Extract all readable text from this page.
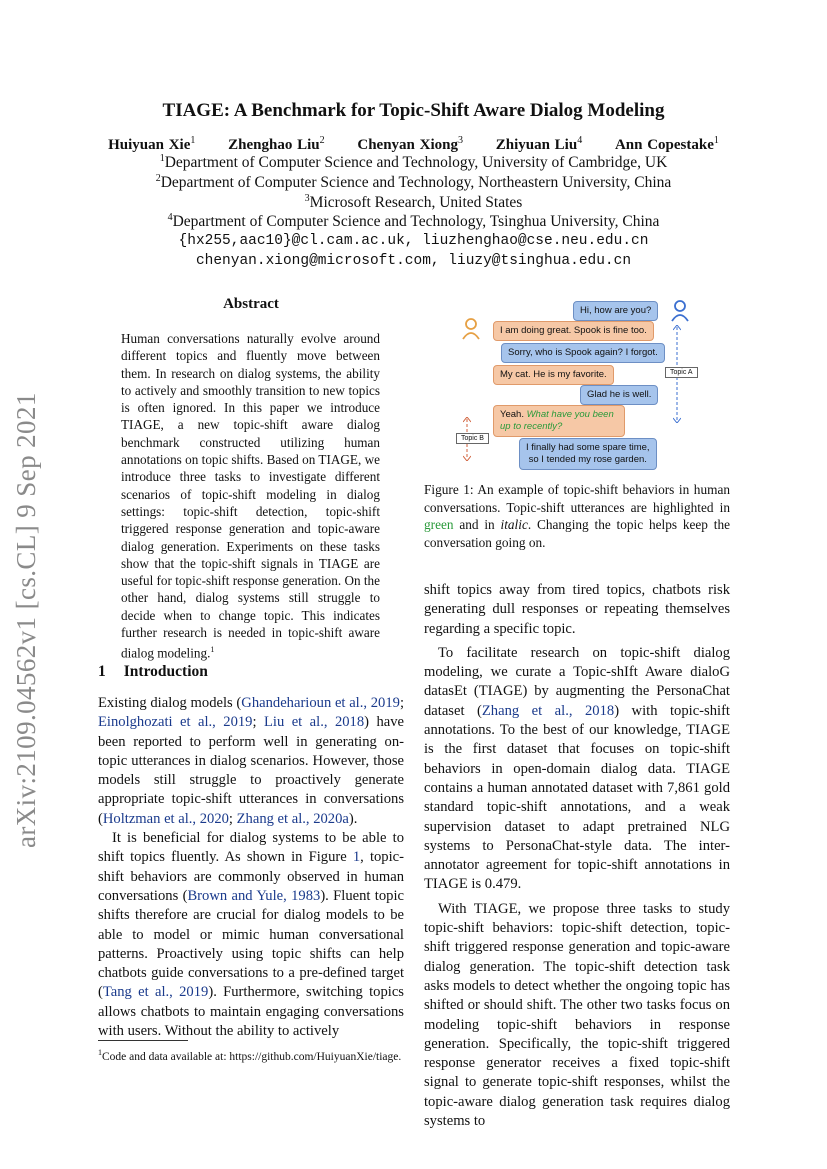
arXiv:2109.04562v1 [cs.CL] 9 Sep 2021
TIAGE: A Benchmark for Topic-Shift Aware Dialog Modeling
Huiyuan Xie$^1$ Zhenghao Liu$^2$ Chenyan Xiong$^3$ Zhiyuan Liu$^4$ Ann Copestake$^1$
$^1$Department of Computer Science and Technology, University of Cambridge, UK
$^2$Department of Computer Science and Technology, Northeastern University, China
$^3$Microsoft Research, United States
$^4$Department of Computer Science and Technology, Tsinghua University, China
{hx255,aac10}@cl.cam.ac.uk, liuzhenghao@cse.neu.edu.cn
chenyan.xiong@microsoft.com, liuzy@tsinghua.edu.cn
Abstract
Human conversations naturally evolve around different topics and fluently move between them. In research on dialog systems, the ability to actively and smoothly transition to new topics is often ignored. In this paper we introduce TIAGE, a new topic-shift aware dialog benchmark constructed utilizing human annotations on topic shifts. Based on TIAGE, we introduce three tasks to investigate different scenarios of topic-shift modeling in dialog settings: topic-shift detection, topic-shift triggered response generation and topic-aware dialog generation. Experiments on these tasks show that the topic-shift signals in TIAGE are useful for topic-shift response generation. On the other hand, dialog systems still struggle to decide when to change topic. This indicates further research is needed in topic-shift aware dialog modeling.$^1$
1 Introduction

Existing dialog models (Ghandeharioun et al., 2019; Einolghozati et al., 2019; Liu et al., 2018) have been reported to perform well in generating on-topic utterances in dialog scenarios. However, those models still struggle to proactively generate appropriate topic-shift utterances in conversations (Holtzman et al., 2020; Zhang et al., 2020a).

It is beneficial for dialog systems to be able to shift topics fluently. As shown in Figure 1, topic-shift behaviors are commonly observed in human conversations (Brown and Yule, 1983). Fluent topic shifts therefore are crucial for dialog models to be able to model or mimic human conversational patterns. Proactively using topic shifts can help chatbots guide conversations to a pre-defined target (Tang et al., 2019). Furthermore, switching topics allows chatbots to maintain engaging conversations with users. Without the ability to actively

$^1$Code and data available at: https://github.com/HuiyuanXie/tiage.
Hi, how are you?
I am doing great. Spook is fine too.
Sorry, who is Spook again? I forgot.
My cat. He is my favorite.
Glad he is well.
Yeah. What have you been up to recently?
I finally had some spare time,
so I tended my rose garden.
Topic A
Topic B
Figure 1: An example of topic-shift behaviors in human conversations. Topic-shift utterances are highlighted in green and in italic. Changing the topic helps keep the conversation going on.

shift topics away from tired topics, chatbots risk generating dull responses or repeating themselves regarding a specific topic.

To facilitate research on topic-shift dialog modeling, we curate a Topic-shIft Aware dialoG datasEt (TIAGE) by augmenting the PersonaChat dataset (Zhang et al., 2018) with topic-shift annotations. To the best of our knowledge, TIAGE is the first dataset that focuses on topic-shift behaviors in open-domain dialog data. TIAGE contains a human annotated dataset with 7,861 gold standard topic-shift annotations, and a weak supervision dataset to adapt pretrained NLG systems to PersonaChat-style data. The inter-annotator agreement for topic-shift annotations in TIAGE is 0.479.

With TIAGE, we propose three tasks to study topic-shift behaviors: topic-shift detection, topic-shift triggered response generation and topic-aware dialog generation. The topic-shift detection task asks models to detect whether the ongoing topic has shifted or should shift. The other two tasks focus on modeling topic-shift behaviors in response generation. Specifically, the topic-shift triggered response generator receives a fixed topic-shift signal to generate topic-shift responses, whilst the topic-aware dialog generation task requires dialog systems to
